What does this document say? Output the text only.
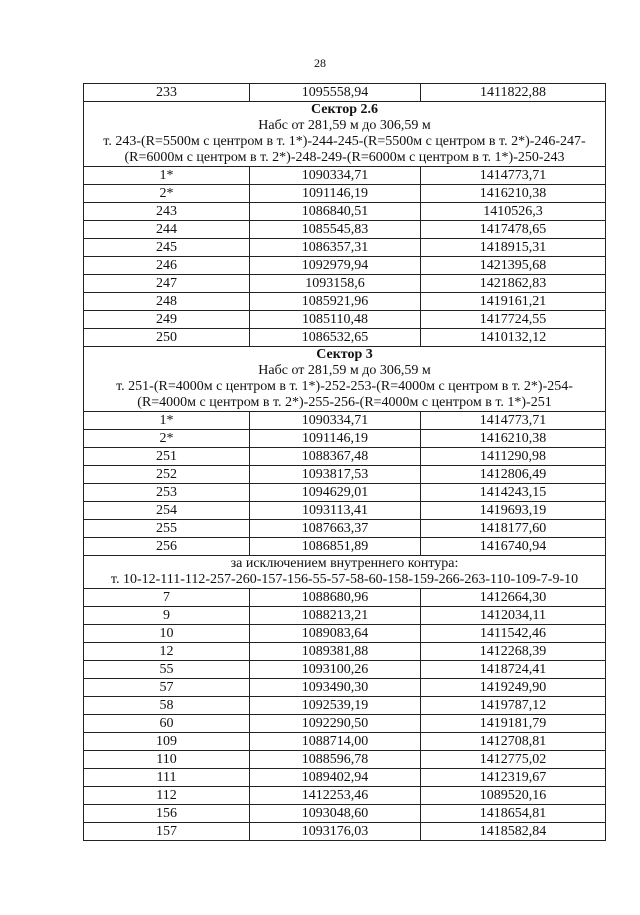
28
233	1095558,94	1411822,88

Сектор 2.6
Набс от 281,59 м до 306,59 м
т. 243-(R=5500м с центром в т. 1*)-244-245-(R=5500м с центром в т. 2*)-246-247-
(R=6000м с центром в т. 2*)-248-249-(R=6000м с центром в т. 1*)-250-243		

1*	1090334,71	1414773,71
2*	1091146,19	1416210,38
243	1086840,51	1410526,3
244	1085545,83	1417478,65
245	1086357,31	1418915,31
246	1092979,94	1421395,68
247	1093158,6	1421862,83
248	1085921,96	1419161,21
249	1085110,48	1417724,55
250	1086532,65	1410132,12

Сектор 3
Набс от 281,59 м до 306,59 м
т. 251-(R=4000м с центром в т. 1*)-252-253-(R=4000м с центром в т. 2*)-254-
(R=4000м с центром в т. 2*)-255-256-(R=4000м с центром в т. 1*)-251		

1*	1090334,71	1414773,71
2*	1091146,19	1416210,38
251	1088367,48	1411290,98
252	1093817,53	1412806,49
253	1094629,01	1414243,15
254	1093113,41	1419693,19
255	1087663,37	1418177,60
256	1086851,89	1416740,94

за исключением внутреннего контура:
т. 10-12-111-112-257-260-157-156-55-57-58-60-158-159-266-263-110-109-7-9-10		

7	1088680,96	1412664,30
9	1088213,21	1412034,11
10	1089083,64	1411542,46
12	1089381,88	1412268,39
55	1093100,26	1418724,41
57	1093490,30	1419249,90
58	1092539,19	1419787,12
60	1092290,50	1419181,79
109	1088714,00	1412708,81
110	1088596,78	1412775,02
111	1089402,94	1412319,67
112	1412253,46	1089520,16
156	1093048,60	1418654,81
157	1093176,03	1418582,84
